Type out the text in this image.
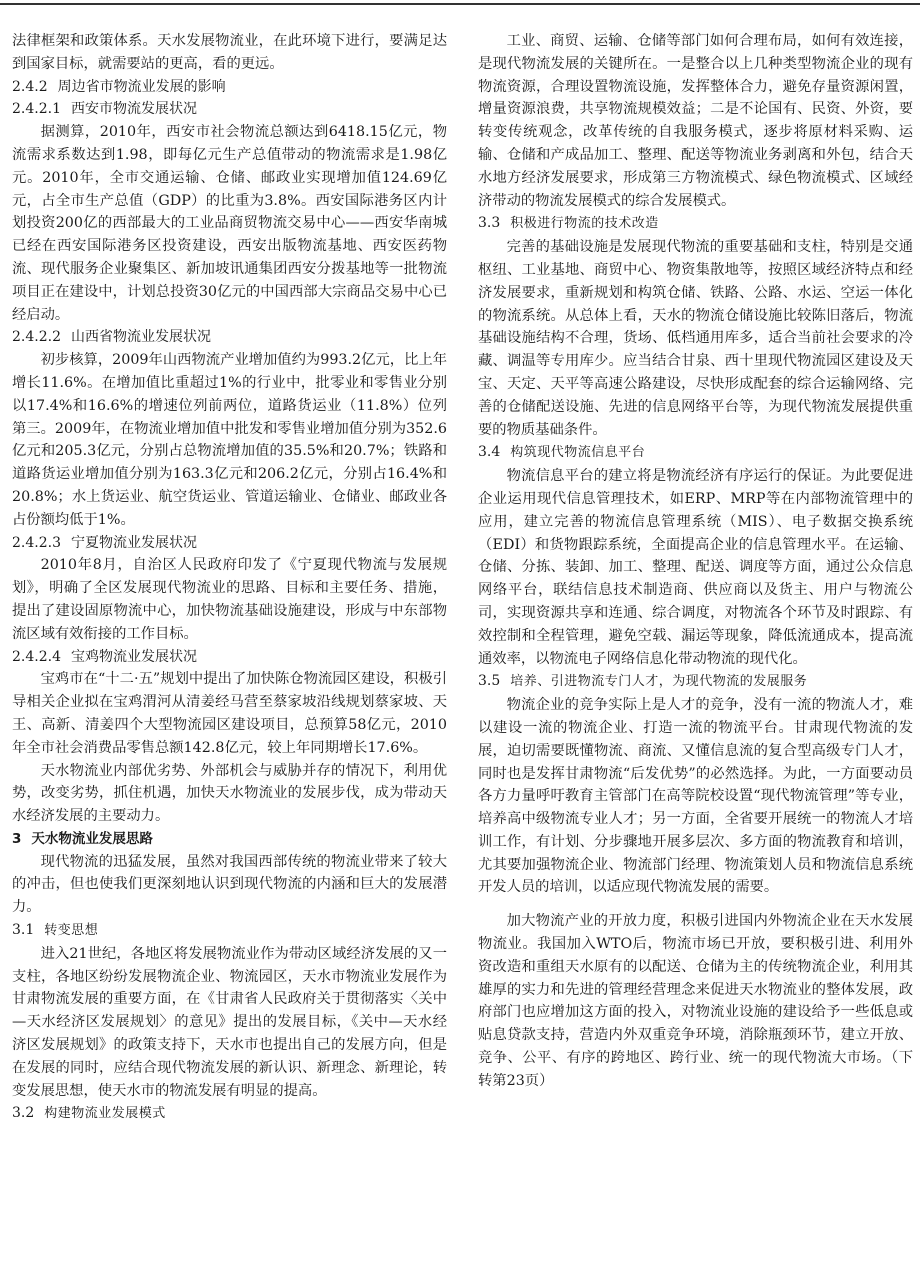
法律框架和政策体系。天水发展物流业，在此环境下进行，要满足达到国家目标，就需要站的更高，看的更远。

2.4.2 周边省市物流业发展的影响
2.4.2.1 西安市物流发展状况

据测算，2010年，西安市社会物流总额达到6418.15亿元，物流需求系数达到1.98，即每亿元生产总值带动的物流需求是1.98亿元。2010年，全市交通运输、仓储、邮政业实现增加值124.69亿元，占全市生产总值（GDP）的比重为3.8%。西安国际港务区内计划投资200亿的西部最大的工业品商贸物流交易中心——西安华南城已经在西安国际港务区投资建设，西安出版物流基地、西安医药物流、现代服务企业聚集区、新加坡讯通集团西安分拨基地等一批物流项目正在建设中，计划总投资30亿元的中国西部大宗商品交易中心已经启动。

2.4.2.2 山西省物流业发展状况

初步核算，2009年山西物流产业增加值约为993.2亿元，比上年增长11.6%。在增加值比重超过1%的行业中，批零业和零售业分别以17.4%和16.6%的增速位列前两位，道路货运业（11.8%）位列第三。2009年，在物流业增加值中批发和零售业增加值分别为352.6亿元和205.3亿元，分别占总物流增加值的35.5%和20.7%；铁路和道路货运业增加值分别为163.3亿元和206.2亿元，分别占16.4%和20.8%；水上货运业、航空货运业、管道运输业、仓储业、邮政业各占份额均低于1%。

2.4.2.3 宁夏物流业发展状况

2010年8月，自治区人民政府印发了《宁夏现代物流与发展规划》，明确了全区发展现代物流业的思路、目标和主要任务、措施，提出了建设固原物流中心，加快物流基础设施建设，形成与中东部物流区域有效衔接的工作目标。

2.4.2.4 宝鸡物流业发展状况

宝鸡市在“十二·五”规划中提出了加快陈仓物流园区建设，积极引导相关企业拟在宝鸡渭河从清姜经马营至蔡家坡沿线规划蔡家坡、天王、高新、清姜四个大型物流园区建设项目，总预算58亿元，2010年全市社会消费品零售总额142.8亿元，较上年同期增长17.6%。

天水物流业内部优劣势、外部机会与威胁并存的情况下，利用优势，改变劣势，抓住机遇，加快天水物流业的发展步伐，成为带动天水经济发展的主要动力。

3 天水物流业发展思路

现代物流的迅猛发展，虽然对我国西部传统的物流业带来了较大的冲击，但也使我们更深刻地认识到现代物流的内涵和巨大的发展潜力。

3.1 转变思想

进入21世纪，各地区将发展物流业作为带动区域经济发展的又一支柱，各地区纷纷发展物流企业、物流园区，天水市物流业发展作为甘肃物流发展的重要方面，在《甘肃省人民政府关于贯彻落实〈关中—天水经济区发展规划〉的意见》提出的发展目标，《关中—天水经济区发展规划》的政策支持下，天水市也提出自己的发展方向，但是在发展的同时，应结合现代物流发展的新认识、新理念、新理论，转变发展思想，使天水市的物流发展有明显的提高。

3.2 构建物流业发展模式

工业、商贸、运输、仓储等部门如何合理布局，如何有效连接，是现代物流发展的关键所在。一是整合以上几种类型物流企业的现有物流资源，合理设置物流设施，发挥整体合力，避免存量资源闲置，增量资源浪费，共享物流规模效益；二是不论国有、民资、外资，要转变传统观念，改革传统的自我服务模式，逐步将原材料采购、运输、仓储和产成品加工、整理、配送等物流业务剥离和外包，结合天水地方经济发展要求，形成第三方物流模式、绿色物流模式、区域经济带动的物流发展模式的综合发展模式。

3.3 积极进行物流的技术改造

完善的基础设施是发展现代物流的重要基础和支柱，特别是交通枢纽、工业基地、商贸中心、物资集散地等，按照区域经济特点和经济发展要求，重新规划和构筑仓储、铁路、公路、水运、空运一体化的物流系统。从总体上看，天水的物流仓储设施比较陈旧落后，物流基础设施结构不合理，货场、低档通用库多，适合当前社会要求的冷藏、调温等专用库少。应当结合甘泉、西十里现代物流园区建设及天宝、天定、天平等高速公路建设，尽快形成配套的综合运输网络、完善的仓储配送设施、先进的信息网络平台等，为现代物流发展提供重要的物质基础条件。

3.4 构筑现代物流信息平台

物流信息平台的建立将是物流经济有序运行的保证。为此要促进企业运用现代信息管理技术，如ERP、MRP等在内部物流管理中的应用，建立完善的物流信息管理系统（MIS）、电子数据交换系统（EDI）和货物跟踪系统，全面提高企业的信息管理水平。在运输、仓储、分拣、装卸、加工、整理、配送、调度等方面，通过公众信息网络平台，联结信息技术制造商、供应商以及货主、用户与物流公司，实现资源共享和连通、综合调度，对物流各个环节及时跟踪、有效控制和全程管理，避免空载、漏运等现象，降低流通成本，提高流通效率，以物流电子网络信息化带动物流的现代化。

3.5 培养、引进物流专门人才，为现代物流的发展服务

物流企业的竞争实际上是人才的竞争，没有一流的物流人才，难以建设一流的物流企业、打造一流的物流平台。甘肃现代物流的发展，迫切需要既懂物流、商流、又懂信息流的复合型高级专门人才，同时也是发挥甘肃物流“后发优势”的必然选择。为此，一方面要动员各方力量呼吁教育主管部门在高等院校设置“现代物流管理”等专业，培养高中级物流专业人才；另一方面，全省要开展统一的物流人才培训工作，有计划、分步骤地开展多层次、多方面的物流教育和培训，尤其要加强物流企业、物流部门经理、物流策划人员和物流信息系统开发人员的培训，以适应现代物流发展的需要。

加大物流产业的开放力度，积极引进国内外物流企业在天水发展物流业。我国加入WTO后，物流市场已开放，要积极引进、利用外资改造和重组天水原有的以配送、仓储为主的传统物流企业，利用其雄厚的实力和先进的管理经营理念来促进天水物流业的整体发展，政府部门也应增加这方面的投入，对物流业设施的建设给予一些低息或贴息贷款支持，营造内外双重竞争环境，消除瓶颈环节，建立开放、竞争、公平、有序的跨地区、跨行业、统一的现代物流大市场。（下转第23页）
